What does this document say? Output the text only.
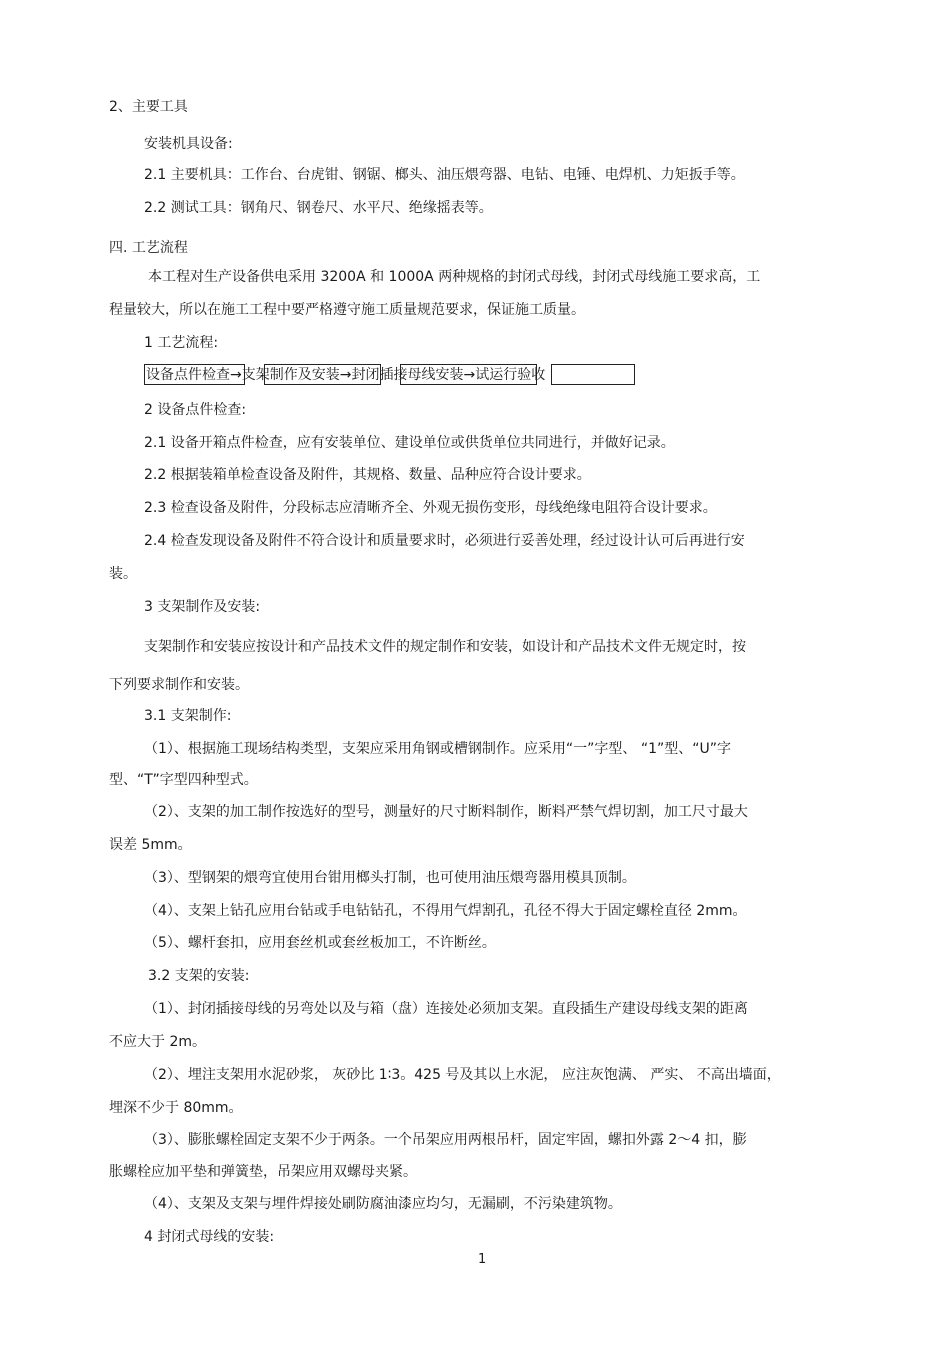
2、主要工具
安装机具设备:
2.1 主要机具：工作台、台虎钳、钢锯、榔头、油压煨弯器、电钻、电锤、电焊机、力矩扳手等。
2.2 测试工具：钢角尺、钢卷尺、水平尺、绝缘摇表等。
四. 工艺流程
本工程对生产设备供电采用 3200A 和 1000A 两种规格的封闭式母线，封闭式母线施工要求高，工
程量较大，所以在施工工程中要严格遵守施工质量规范要求，保证施工质量。
1 工艺流程:
设备点件检查→支架制作及安装→封闭插接母线安装→试运行验收
2 设备点件检查:
2.1 设备开箱点件检查，应有安装单位、建设单位或供货单位共同进行，并做好记录。
2.2 根据装箱单检查设备及附件，其规格、数量、品种应符合设计要求。
2.3 检查设备及附件，分段标志应清晰齐全、外观无损伤变形，母线绝缘电阻符合设计要求。
2.4 检查发现设备及附件不符合设计和质量要求时，必须进行妥善处理，经过设计认可后再进行安
装。
3 支架制作及安装:
支架制作和安装应按设计和产品技术文件的规定制作和安装，如设计和产品技术文件无规定时，按
下列要求制作和安装。
3.1 支架制作:
（1）、根据施工现场结构类型，支架应采用角钢或槽钢制作。应采用“一”字型、 “1”型、“U”字
型、“T”字型四种型式。
（2）、支架的加工制作按选好的型号，测量好的尺寸断料制作，断料严禁气焊切割，加工尺寸最大
误差 5mm。
（3）、型钢架的煨弯宜使用台钳用榔头打制，也可使用油压煨弯器用模具顶制。
（4）、支架上钻孔应用台钻或手电钻钻孔，不得用气焊割孔，孔径不得大于固定螺栓直径 2mm。
（5）、螺杆套扣，应用套丝机或套丝板加工，不许断丝。
3.2 支架的安装:
（1）、封闭插接母线的另弯处以及与箱（盘）连接处必须加支架。直段插生产建设母线支架的距离
不应大于 2m。
（2）、埋注支架用水泥砂浆， 灰砂比 1∶3。425 号及其以上水泥， 应注灰饱满、 严实、 不高出墙面，
埋深不少于 80mm。
（3）、膨胀螺栓固定支架不少于两条。一个吊架应用两根吊杆，固定牢固，螺扣外露 2～4 扣，膨
胀螺栓应加平垫和弹簧垫，吊架应用双螺母夹紧。
（4）、支架及支架与埋件焊接处刷防腐油漆应均匀，无漏刷，不污染建筑物。
4 封闭式母线的安装:
1
